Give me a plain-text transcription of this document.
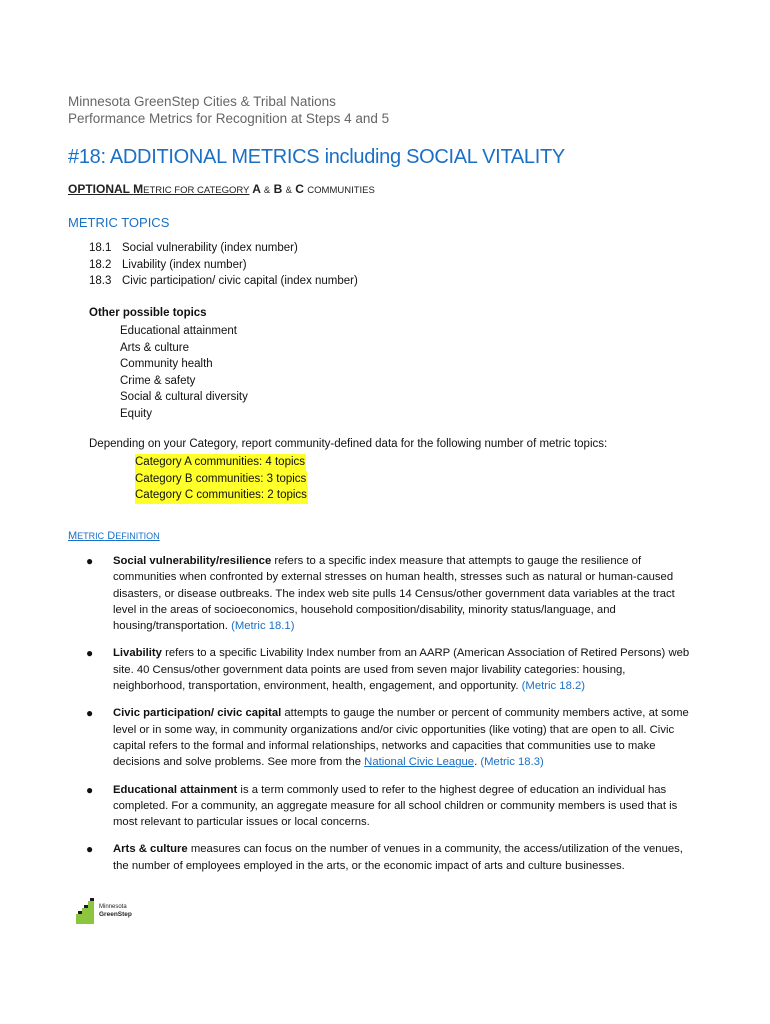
Minnesota GreenStep Cities & Tribal Nations
Performance Metrics for Recognition at Steps 4 and 5
#18: ADDITIONAL METRICS including SOCIAL VITALITY
OPTIONAL METRIC FOR CATEGORY A & B & C COMMUNITIES
METRIC TOPICS
18.1 Social vulnerability (index number)
18.2 Livability (index number)
18.3 Civic participation/ civic capital (index number)
Other possible topics
Educational attainment
Arts & culture
Community health
Crime & safety
Social & cultural diversity
Equity
Depending on your Category, report community-defined data for the following number of metric topics:
Category A communities: 4 topics
Category B communities: 3 topics
Category C communities: 2 topics
METRIC DEFINITION
● Social vulnerability/resilience refers to a specific index measure that attempts to gauge the resilience of communities when confronted by external stresses on human health, stresses such as natural or human-caused disasters, or disease outbreaks. The index web site pulls 14 Census/other government data variables at the tract level in the areas of socioeconomics, household composition/disability, minority status/language, and housing/transportation. (Metric 18.1)
● Livability refers to a specific Livability Index number from an AARP (American Association of Retired Persons) web site. 40 Census/other government data points are used from seven major livability categories: housing, neighborhood, transportation, environment, health, engagement, and opportunity. (Metric 18.2)
● Civic participation/ civic capital attempts to gauge the number or percent of community members active, at some level or in some way, in community organizations and/or civic opportunities (like voting) that are open to all. Civic capital refers to the formal and informal relationships, networks and capacities that communities use to make decisions and solve problems. See more from the National Civic League. (Metric 18.3)
● Educational attainment is a term commonly used to refer to the highest degree of education an individual has completed. For a community, an aggregate measure for all school children or community members is used that is most relevant to particular issues or local concerns.
● Arts & culture measures can focus on the number of venues in a community, the access/utilization of the venues, the number of employees employed in the arts, or the economic impact of arts and culture businesses.
Minnesota
GreenStep
